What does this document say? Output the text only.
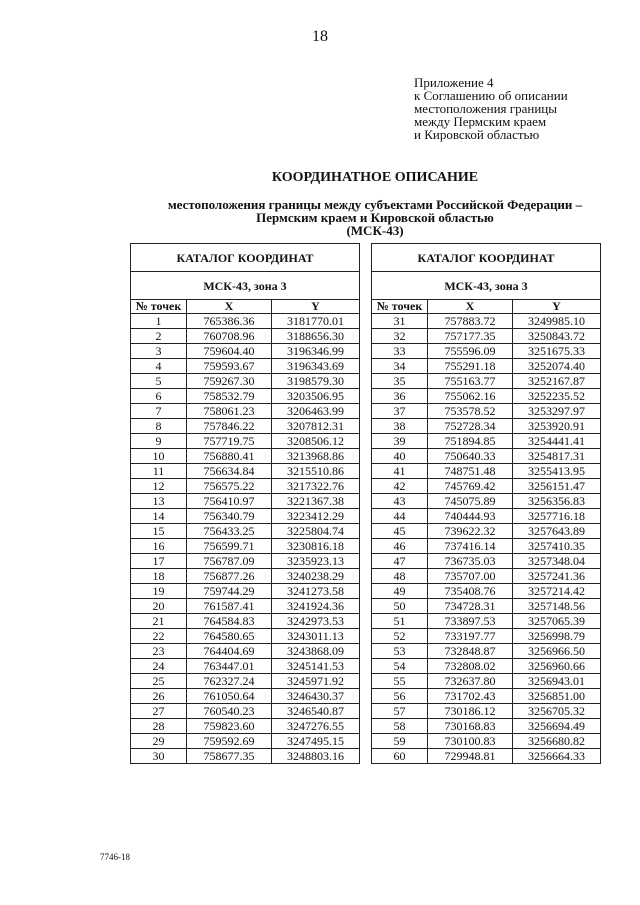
18
Приложение 4
к Соглашению об описании
местоположения границы
между Пермским краем
и Кировской областью
КООРДИНАТНОЕ ОПИСАНИЕ
местоположения границы между субъектами Российской Федерации –
Пермским краем и Кировской областью
(МСК-43)
КАТАЛОГ КООРДИНАТ		
МСК-43, зона 3		
№ точек	X	Y
1	765386.36	3181770.01
2	760708.96	3188656.30
3	759604.40	3196346.99
4	759593.67	3196343.69
5	759267.30	3198579.30
6	758532.79	3203506.95
7	758061.23	3206463.99
8	757846.22	3207812.31
9	757719.75	3208506.12
10	756880.41	3213968.86
11	756634.84	3215510.86
12	756575.22	3217322.76
13	756410.97	3221367.38
14	756340.79	3223412.29
15	756433.25	3225804.74
16	756599.71	3230816.18
17	756787.09	3235923.13
18	756877.26	3240238.29
19	759744.29	3241273.58
20	761587.41	3241924.36
21	764584.83	3242973.53
22	764580.65	3243011.13
23	764404.69	3243868.09
24	763447.01	3245141.53
25	762327.24	3245971.92
26	761050.64	3246430.37
27	760540.23	3246540.87
28	759823.60	3247276.55
29	759592.69	3247495.15
30	758677.35	3248803.16
КАТАЛОГ КООРДИНАТ		
МСК-43, зона 3		
№ точек	X	Y
31	757883.72	3249985.10
32	757177.35	3250843.72
33	755596.09	3251675.33
34	755291.18	3252074.40
35	755163.77	3252167.87
36	755062.16	3252235.52
37	753578.52	3253297.97
38	752728.34	3253920.91
39	751894.85	3254441.41
40	750640.33	3254817.31
41	748751.48	3255413.95
42	745769.42	3256151.47
43	745075.89	3256356.83
44	740444.93	3257716.18
45	739622.32	3257643.89
46	737416.14	3257410.35
47	736735.03	3257348.04
48	735707.00	3257241.36
49	735408.76	3257214.42
50	734728.31	3257148.56
51	733897.53	3257065.39
52	733197.77	3256998.79
53	732848.87	3256966.50
54	732808.02	3256960.66
55	732637.80	3256943.01
56	731702.43	3256851.00
57	730186.12	3256705.32
58	730168.83	3256694.49
59	730100.83	3256680.82
60	729948.81	3256664.33
7746-18
